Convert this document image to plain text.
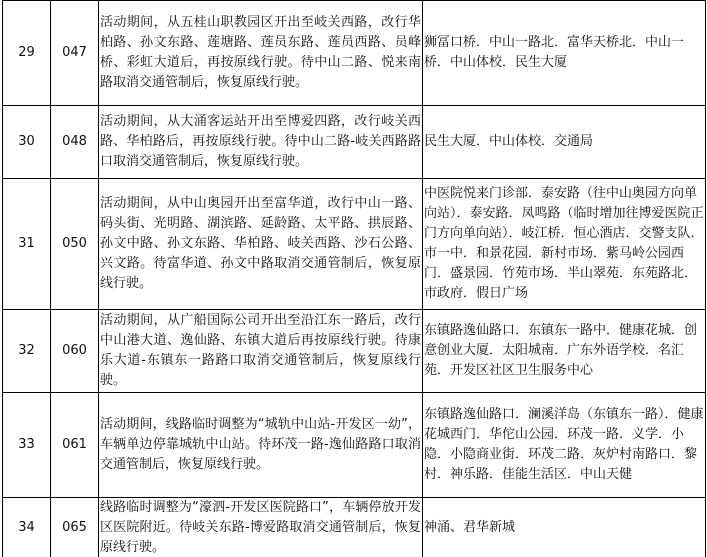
29	047	活动期间，从五桂山职教园区开出至岐关西路，改行华柏路、孙文东路、莲塘路、莲员东路、莲员西路、员峰桥、彩虹大道后，再按原线行驶。待中山二路、悦来南路取消交通管制后，恢复原线行驶。	狮冨口桥．中山一路北．富华天桥北．中山一桥．中山体校．民生大厦
30	048	活动期间，从大涌客运站开出至博爱四路，改行岐关西路、华柏路后，再按原线行驶。待中山二路-岐关西路路口取消交通管制后，恢复原线行驶。	民生大厦．中山体校．交通局
31	050	活动期间，从中山奥园开出至富华道，改行中山一路、码头街、光明路、湖滨路、延龄路、太平路、拱辰路、孙文中路、孙文东路、华柏路、岐关西路、沙石公路、兴文路。待富华道、孙文中路取消交通管制后，恢复原线行驶。	中医院悦来门诊部．泰安路（往中山奥园方向单向站）．泰安路．凤鸣路（临时增加往博爱医院正门方向单向站）．岐江桥．恒心酒店．交警支队．市一中．和景花园．新村市场．紫马岭公园西门．盛景园．竹苑市场．半山翠苑．东苑路北．市政府．假日广场
32	060	活动期间，从广船国际公司开出至沿江东一路后，改行中山港大道、逸仙路、东镇大道后再按原线行驶。待康乐大道-东镇东一路路口取消交通管制后，恢复原线行驶。	东镇路逸仙路口．东镇东一路中．健康花城．创意创业大厦．太阳城南．广东外语学校．名汇苑．开发区社区卫生服务中心
33	061	活动期间，线路临时调整为“城轨中山站-开发区一幼”，车辆单边停靠城轨中山站。待环茂一路-逸仙路路口取消交通管制后，恢复原线行驶。	东镇路逸仙路口．澜溪洋岛（东镇东一路）．健康花城西门．华佗山公园．环茂一路．义学．小隐．小隐商业街．环茂二路．灰炉村南路口．黎村．神乐路．佳能生活区．中山天健
34	065	线路临时调整为“濠泗-开发区医院路口”，车辆停放开发区医院附近。待岐关东路-博爱路取消交通管制后，恢复原线行驶。	神涌、君华新城
